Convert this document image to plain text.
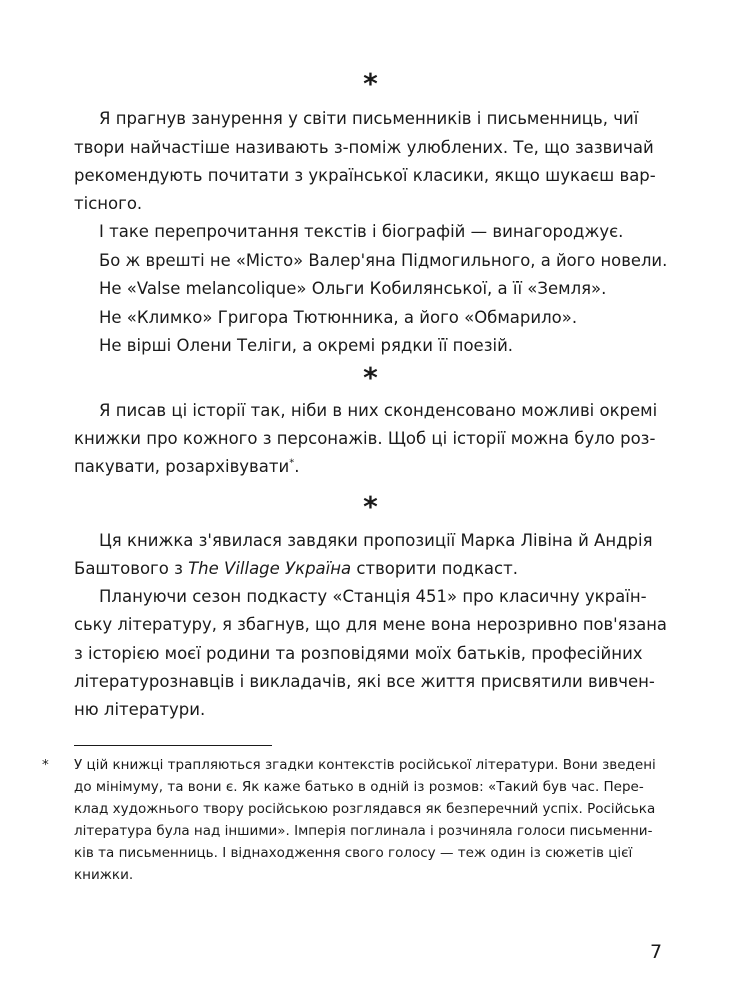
*
*
*
Я прагнув занурення у світи письменників і письменниць, чиї
твори найчастіше називають з-поміж улюблених. Те, що зазвичай
рекомендують почитати з української класики, якщо шукаєш вар-
тісного.
І таке перепрочитання текстів і біографій — винагороджує.
Бо ж врешті не «Місто» Валер'яна Підмогильного, а його новели.
Не «Valse melancolique» Ольги Кобилянської, а її «Земля».
Не «Климко» Григора Тютюнника, а його «Обмарило».
Не вірші Олени Теліги, а окремі рядки її поезій.
Я писав ці історії так, ніби в них сконденсовано можливі окремі
книжки про кожного з персонажів. Щоб ці історії можна було роз-
пакувати, розархівувати*.
Ця книжка з'явилася завдяки пропозиції Марка Лівіна й Андрія
Баштового з The Village Україна створити подкаст.
Плануючи сезон подкасту «Станція 451» про класичну україн-
ську літературу, я збагнув, що для мене вона нерозривно пов'язана
з історією моєї родини та розповідями моїх батьків, професійних
літературознавців і викладачів, які все життя присвятили вивчен-
ню літератури.
* У цій книжці трапляються згадки контекстів російської літератури. Вони зведені
до мінімуму, та вони є. Як каже батько в одній із розмов: «Такий був час. Пере-
клад художнього твору російською розглядався як безперечний успіх. Російська
література була над іншими». Імперія поглинала і розчиняла голоси письменни-
ків та письменниць. І віднаходження свого голосу — теж один із сюжетів цієї
книжки.
7
